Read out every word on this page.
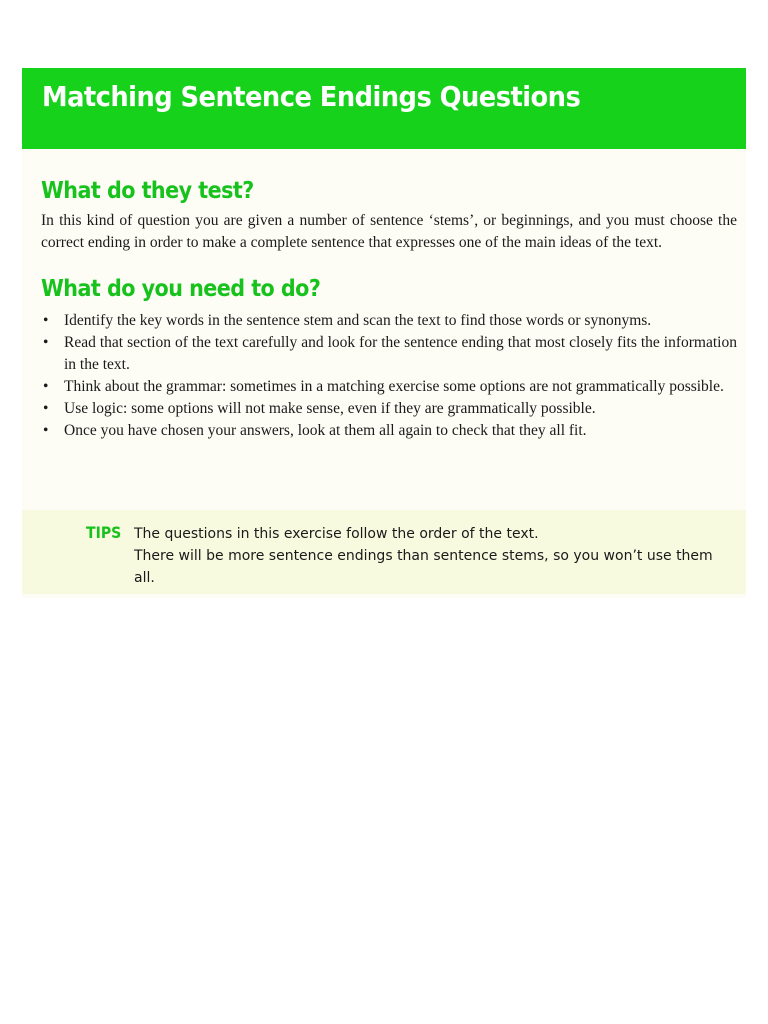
Matching Sentence Endings Questions
What do they test?

In this kind of question you are given a number of sentence ‘stems’, or beginnings, and you must choose the correct ending in order to make a complete sentence that expresses one of the main ideas of the text.

What do you need to do?
• Identify the key words in the sentence stem and scan the text to find those words or synonyms.
• Read that section of the text carefully and look for the sentence ending that most closely fits the information in the text.
• Think about the grammar: sometimes in a matching exercise some options are not grammatically possible.
• Use logic: some options will not make sense, even if they are grammatically possible.
• Once you have chosen your answers, look at them all again to check that they all fit.
TIPS The questions in this exercise follow the order of the text.
There will be more sentence endings than sentence stems, so you won’t use them all.
